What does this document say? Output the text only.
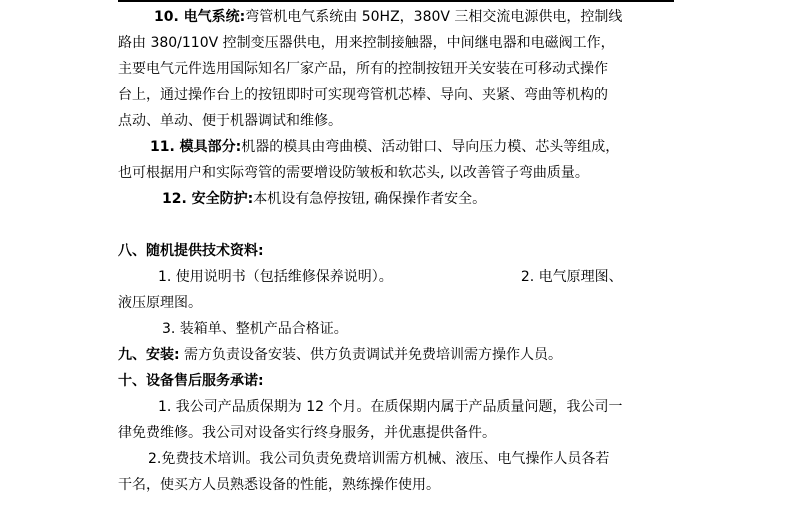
10. 电气系统:弯管机电气系统由 50HZ，380V 三相交流电源供电，控制线
路由 380/110V 控制变压器供电，用来控制接触器，中间继电器和电磁阀工作，
主要电气元件选用国际知名厂家产品，所有的控制按钮开关安装在可移动式操作
台上，通过操作台上的按钮即时可实现弯管机芯棒、导向、夹紧、弯曲等机构的
点动、单动、便于机器调试和维修。
11. 模具部分:机器的模具由弯曲模、活动钳口、导向压力模、芯头等组成，
也可根据用户和实际弯管的需要增设防皱板和软芯头, 以改善管子弯曲质量。
12. 安全防护:本机设有急停按钮, 确保操作者安全。
八、随机提供技术资料:
1. 使用说明书（包括维修保养说明）。	2. 电气原理图、
液压原理图。
3. 装箱单、整机产品合格证。
九、安装: 需方负责设备安装、供方负责调试并免费培训需方操作人员。
十、设备售后服务承诺:
1. 我公司产品质保期为 12 个月。在质保期内属于产品质量问题，我公司一
律免费维修。我公司对设备实行终身服务，并优惠提供备件。
2.免费技术培训。我公司负责免费培训需方机械、液压、电气操作人员各若
干名，使买方人员熟悉设备的性能，熟练操作使用。
